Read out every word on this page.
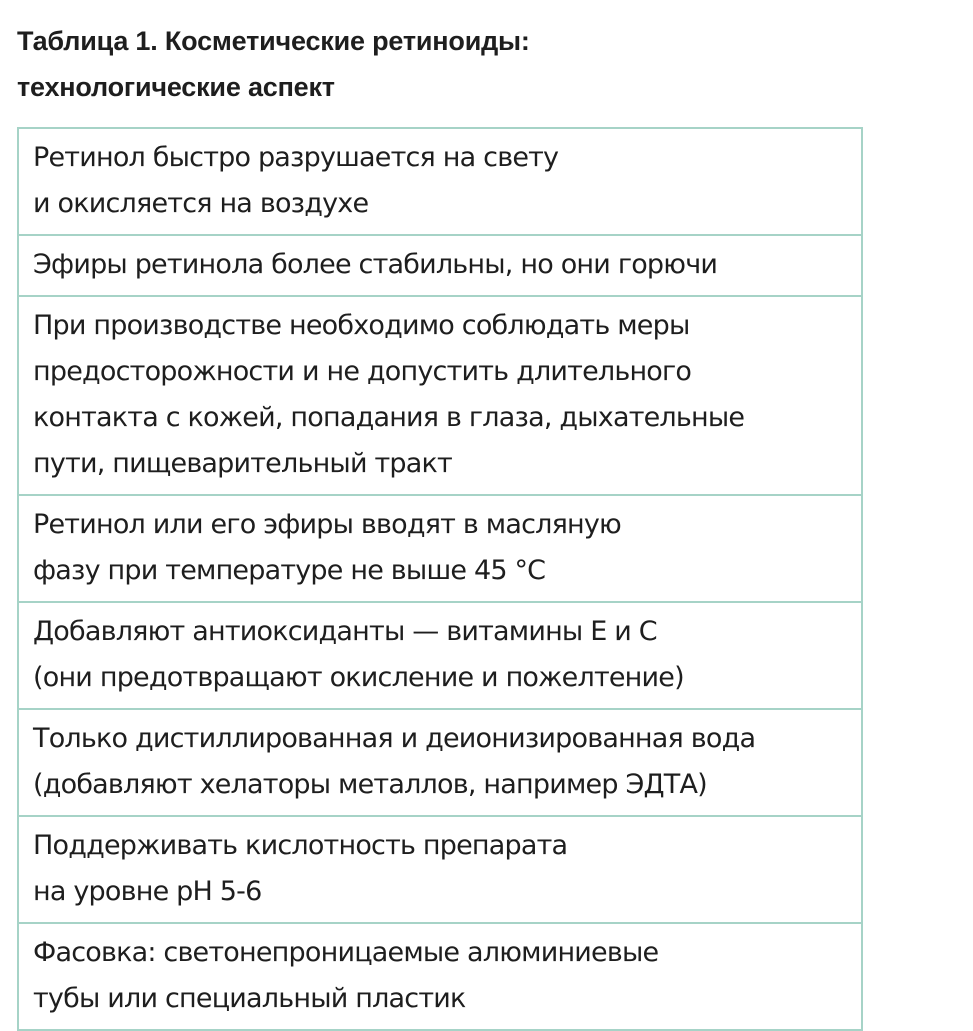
Таблица 1. Косметические ретиноиды:
технологические аспект
Ретинол быстро разрушается на свету
и окисляется на воздухе
Эфиры ретинола более стабильны, но они горючи
При производстве необходимо соблюдать меры
предосторожности и не допустить длительного
контакта с кожей, попадания в глаза, дыхательные
пути, пищеварительный тракт
Ретинол или его эфиры вводят в масляную
фазу при температуре не выше 45 °С
Добавляют антиоксиданты — витамины Е и С
(они предотвращают окисление и пожелтение)
Только дистиллированная и деионизированная вода
(добавляют хелаторы металлов, например ЭДТА)
Поддерживать кислотность препарата
на уровне рН 5-6
Фасовка: светонепроницаемые алюминиевые
тубы или специальный пластик
